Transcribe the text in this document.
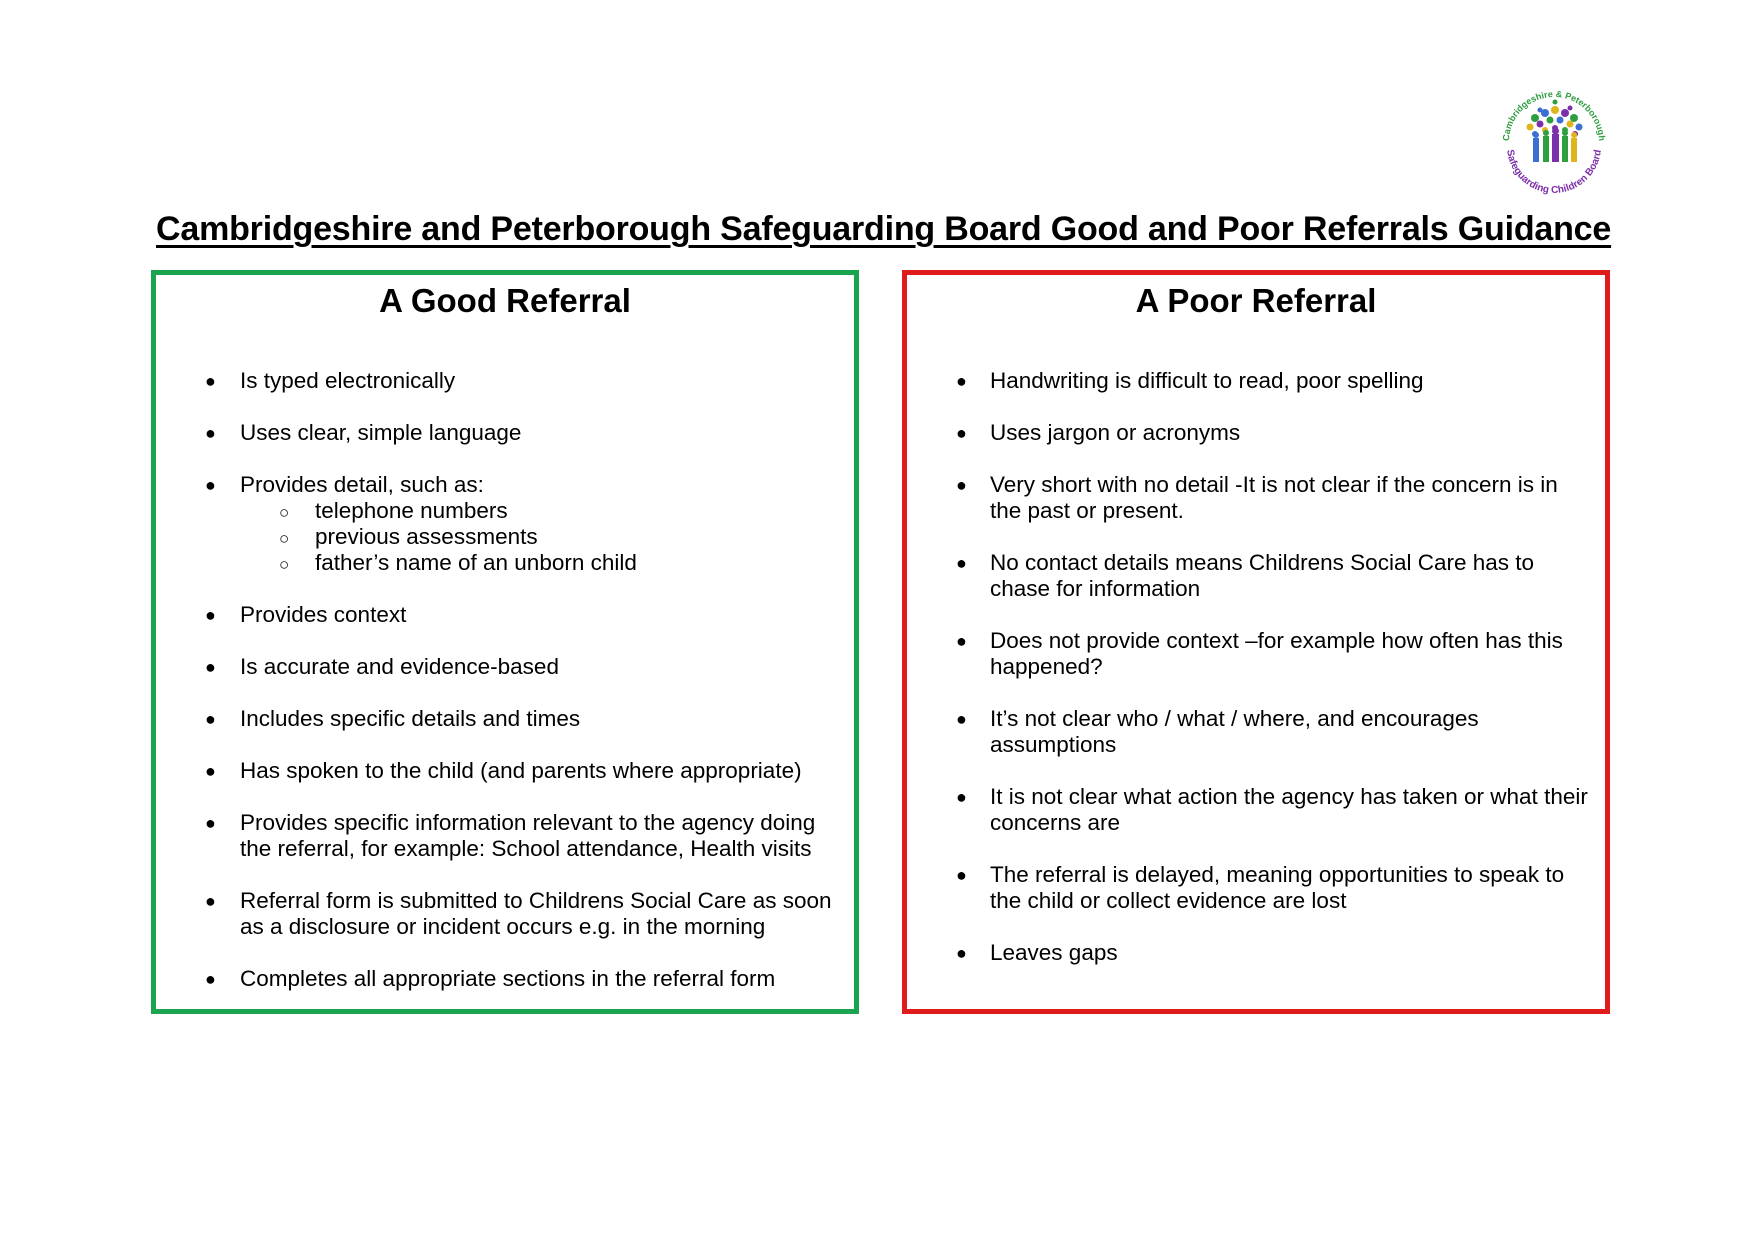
Cambridgeshire & Peterborough
Safeguarding Children Board
Cambridgeshire and Peterborough Safeguarding Board Good and Poor Referrals Guidance
A Good Referral
● Is typed electronically
● Uses clear, simple language
● Provides detail, such as:
○ telephone numbers
○ previous assessments
○ father’s name of an unborn child
● Provides context
● Is accurate and evidence-based
● Includes specific details and times
● Has spoken to the child (and parents where appropriate)
● Provides specific information relevant to the agency doing the referral, for example: School attendance, Health visits
● Referral form is submitted to Childrens Social Care as soon as a disclosure or incident occurs e.g. in the morning
● Completes all appropriate sections in the referral form
A Poor Referral
● Handwriting is difficult to read, poor spelling
● Uses jargon or acronyms
● Very short with no detail -It is not clear if the concern is in the past or present.
● No contact details means Childrens Social Care has to chase for information
● Does not provide context –for example how often has this happened?
● It’s not clear who / what / where, and encourages assumptions
● It is not clear what action the agency has taken or what their concerns are
● The referral is delayed, meaning opportunities to speak to the child or collect evidence are lost
● Leaves gaps
